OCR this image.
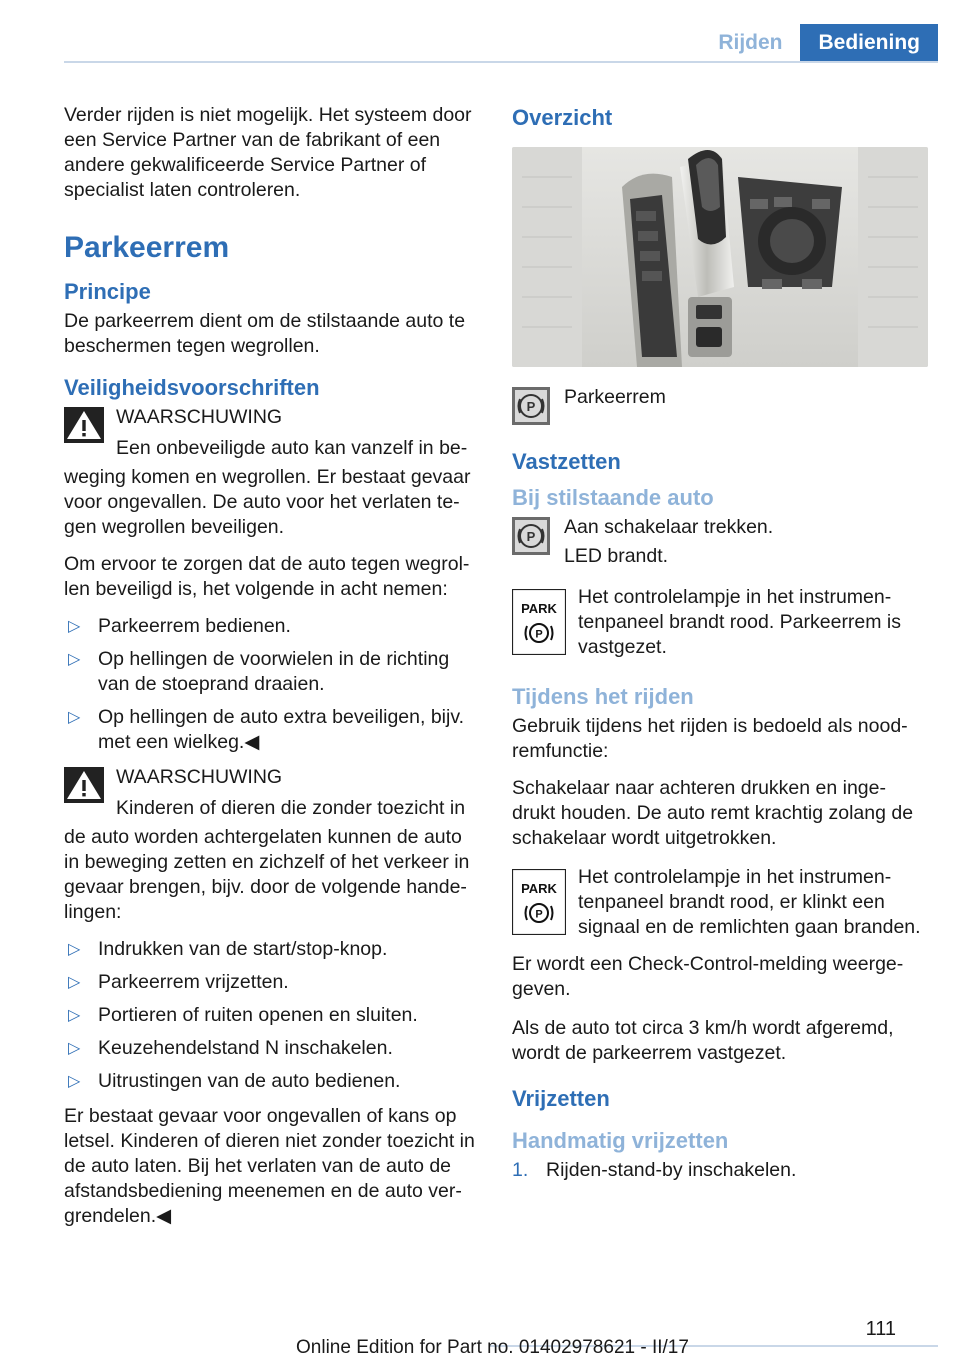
Rijden	Bediening

Verder rijden is niet mogelijk. Het systeem door een Service Partner van de fabrikant of een andere gekwalificeerde Service Partner of specialist laten controleren.

Parkeerrem
Principe

De parkeerrem dient om de stilstaande auto te beschermen tegen wegrollen.

Veiligheidsvoorschriften
WAARSCHUWING
Een onbeveiligde auto kan vanzelf in be-

weging komen en wegrollen. Er bestaat gevaar voor ongevallen. De auto voor het verlaten te-gen wegrollen beveiligen.

Om ervoor te zorgen dat de auto tegen wegrol-len beveiligd is, het volgende in acht nemen:

▷ Parkeerrem bedienen.
▷ Op hellingen de voorwielen in de richting van de stoeprand draaien.
▷ Op hellingen de auto extra beveiligen, bijv. met een wielkeg.◀
WAARSCHUWING
Kinderen of dieren die zonder toezicht in

de auto worden achtergelaten kunnen de auto in beweging zetten en zichzelf of het verkeer in gevaar brengen, bijv. door de volgende hande-lingen:

▷ Indrukken van de start/stop-knop.
▷ Parkeerrem vrijzetten.
▷ Portieren of ruiten openen en sluiten.
▷ Keuzehendelstand N inschakelen.
▷ Uitrustingen van de auto bedienen.

Er bestaat gevaar voor ongevallen of kans op letsel. Kinderen of dieren niet zonder toezicht in de auto laten. Bij het verlaten van de auto de afstandsbediening meenemen en de auto ver-grendelen.◀

Overzicht
P Parkeerrem
Vastzetten
Bij stilstaande auto
P Aan schakelaar trekken.
LED brandt.
PARK
P
Het controlelampje in het instrumen-tenpaneel brandt rood. Parkeerrem is vastgezet.
Tijdens het rijden

Gebruik tijdens het rijden is bedoeld als nood-remfunctie:

Schakelaar naar achteren drukken en inge-drukt houden. De auto remt krachtig zolang de schakelaar wordt uitgetrokken.

PARK
P
Het controlelampje in het instrumen-tenpaneel brandt rood, er klinkt een signaal en de remlichten gaan branden.

Er wordt een Check-Control-melding weerge-geven.

Als de auto tot circa 3 km/h wordt afgeremd, wordt de parkeerrem vastgezet.

Vrijzetten
Handmatig vrijzetten
1. Rijden-stand-by inschakelen.
111
Online Edition for Part no. 01402978621 - II/17
